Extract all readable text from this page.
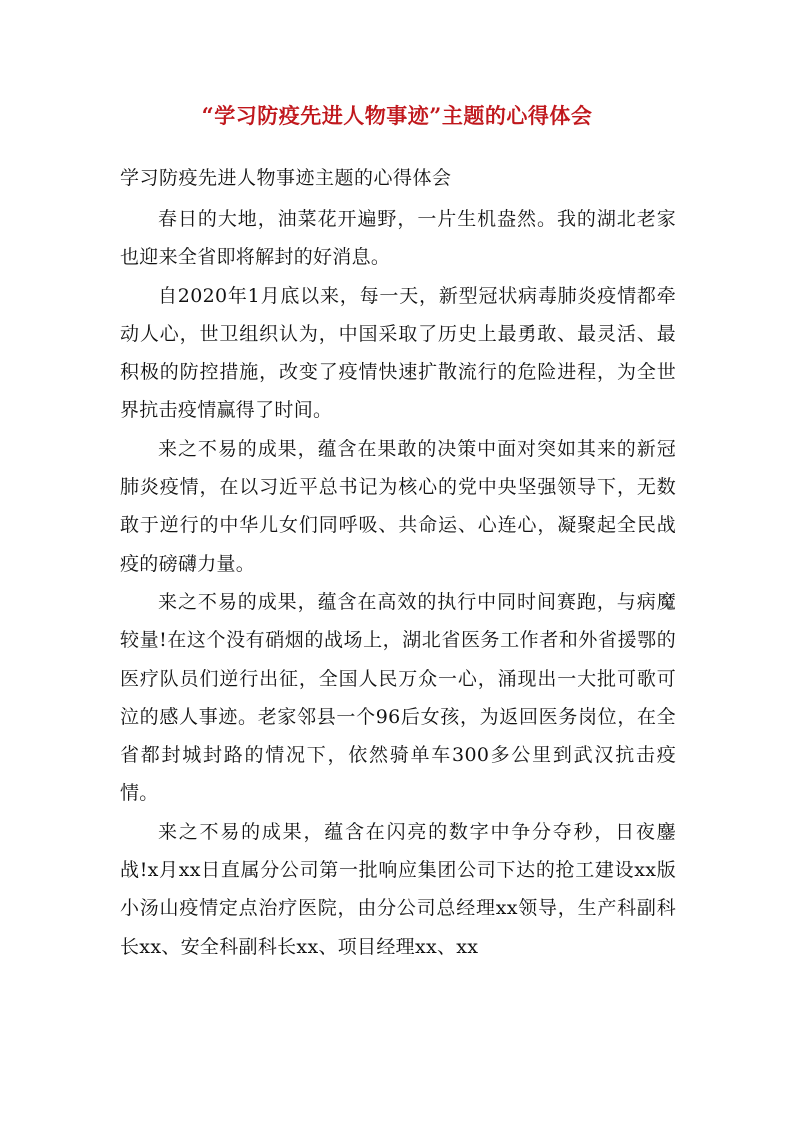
“学习防疫先进人物事迹”主题的心得体会
学习防疫先进人物事迹主题的心得体会

春日的大地，油菜花开遍野，一片生机盎然。我的湖北老家也迎来全省即将解封的好消息。

自2020年1月底以来，每一天，新型冠状病毒肺炎疫情都牵动人心，世卫组织认为，中国采取了历史上最勇敢、最灵活、最积极的防控措施，改变了疫情快速扩散流行的危险进程，为全世界抗击疫情赢得了时间。

来之不易的成果，蕴含在果敢的决策中面对突如其来的新冠肺炎疫情，在以习近平总书记为核心的党中央坚强领导下，无数敢于逆行的中华儿女们同呼吸、共命运、心连心，凝聚起全民战疫的磅礴力量。

来之不易的成果，蕴含在高效的执行中同时间赛跑，与病魔较量!在这个没有硝烟的战场上，湖北省医务工作者和外省援鄂的医疗队员们逆行出征，全国人民万众一心，涌现出一大批可歌可泣的感人事迹。老家邻县一个96后女孩，为返回医务岗位，在全省都封城封路的情况下，依然骑单车300多公里到武汉抗击疫情。

来之不易的成果，蕴含在闪亮的数字中争分夺秒，日夜鏖战!x月xx日直属分公司第一批响应集团公司下达的抢工建设xx版小汤山疫情定点治疗医院，由分公司总经理xx领导，生产科副科长xx、安全科副科长xx、项目经理xx、xx
